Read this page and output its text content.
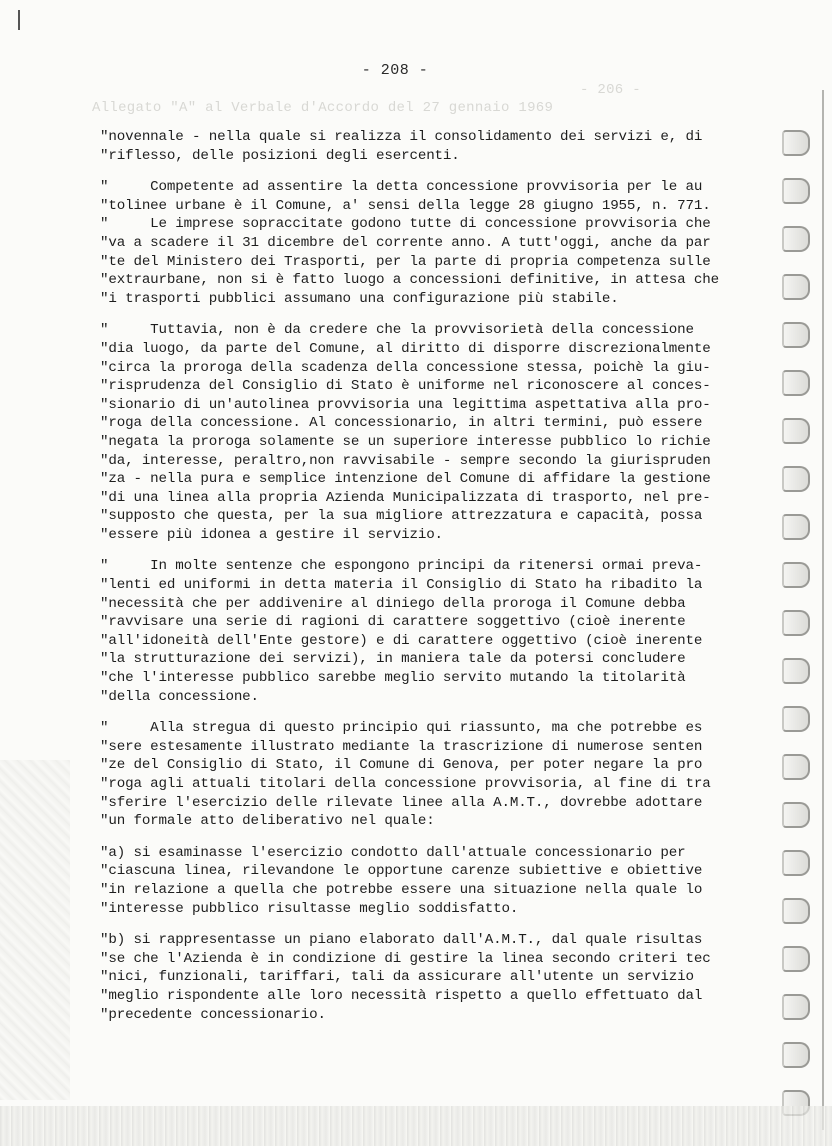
Allegato "A" al Verbale d'Accordo del 27 gennaio 1969
- 206 -
- 208 -
"novennale - nella quale si realizza il consolidamento dei servizi e, di
"riflesso, delle posizioni degli esercenti.
"     Competente ad assentire la detta concessione provvisoria per le au
"tolinee urbane è il Comune, a' sensi della legge 28 giugno 1955, n. 771.
"     Le imprese sopraccitate godono tutte di concessione provvisoria che
"va a scadere il 31 dicembre del corrente anno. A tutt'oggi, anche da par
"te del Ministero dei Trasporti, per la parte di propria competenza sulle
"extraurbane, non si è fatto luogo a concessioni definitive, in attesa che
"i trasporti pubblici assumano una configurazione più stabile.
"     Tuttavia, non è da credere che la provvisorietà della concessione
"dia luogo, da parte del Comune, al diritto di disporre discrezionalmente
"circa la proroga della scadenza della concessione stessa, poichè la giu-
"risprudenza del Consiglio di Stato è uniforme nel riconoscere al conces-
"sionario di un'autolinea provvisoria una legittima aspettativa alla pro-
"roga della concessione. Al concessionario, in altri termini, può essere
"negata la proroga solamente se un superiore interesse pubblico lo richie
"da, interesse, peraltro,non ravvisabile - sempre secondo la giurispruden
"za - nella pura e semplice intenzione del Comune di affidare la gestione
"di una linea alla propria Azienda Municipalizzata di trasporto, nel pre-
"supposto che questa, per la sua migliore attrezzatura e capacità, possa
"essere più idonea a gestire il servizio.
"     In molte sentenze che espongono principi da ritenersi ormai preva-
"lenti ed uniformi in detta materia il Consiglio di Stato ha ribadito la
"necessità che per addivenire al diniego della proroga il Comune debba
"ravvisare una serie di ragioni di carattere soggettivo (cioè inerente
"all'idoneità dell'Ente gestore) e di carattere oggettivo (cioè inerente
"la strutturazione dei servizi), in maniera tale da potersi concludere
"che l'interesse pubblico sarebbe meglio servito mutando la titolarità
"della concessione.
"     Alla stregua di questo principio qui riassunto, ma che potrebbe es
"sere estesamente illustrato mediante la trascrizione di numerose senten
"ze del Consiglio di Stato, il Comune di Genova, per poter negare la pro
"roga agli attuali titolari della concessione provvisoria, al fine di tra
"sferire l'esercizio delle rilevate linee alla A.M.T., dovrebbe adottare
"un formale atto deliberativo nel quale:
"a) si esaminasse l'esercizio condotto dall'attuale concessionario per
"ciascuna linea, rilevandone le opportune carenze subiettive e obiettive
"in relazione a quella che potrebbe essere una situazione nella quale lo
"interesse pubblico risultasse meglio soddisfatto.
"b) si rappresentasse un piano elaborato dall'A.M.T., dal quale risultas
"se che l'Azienda è in condizione di gestire la linea secondo criteri tec
"nici, funzionali, tariffari, tali da assicurare all'utente un servizio
"meglio rispondente alle loro necessità rispetto a quello effettuato dal
"precedente concessionario.
